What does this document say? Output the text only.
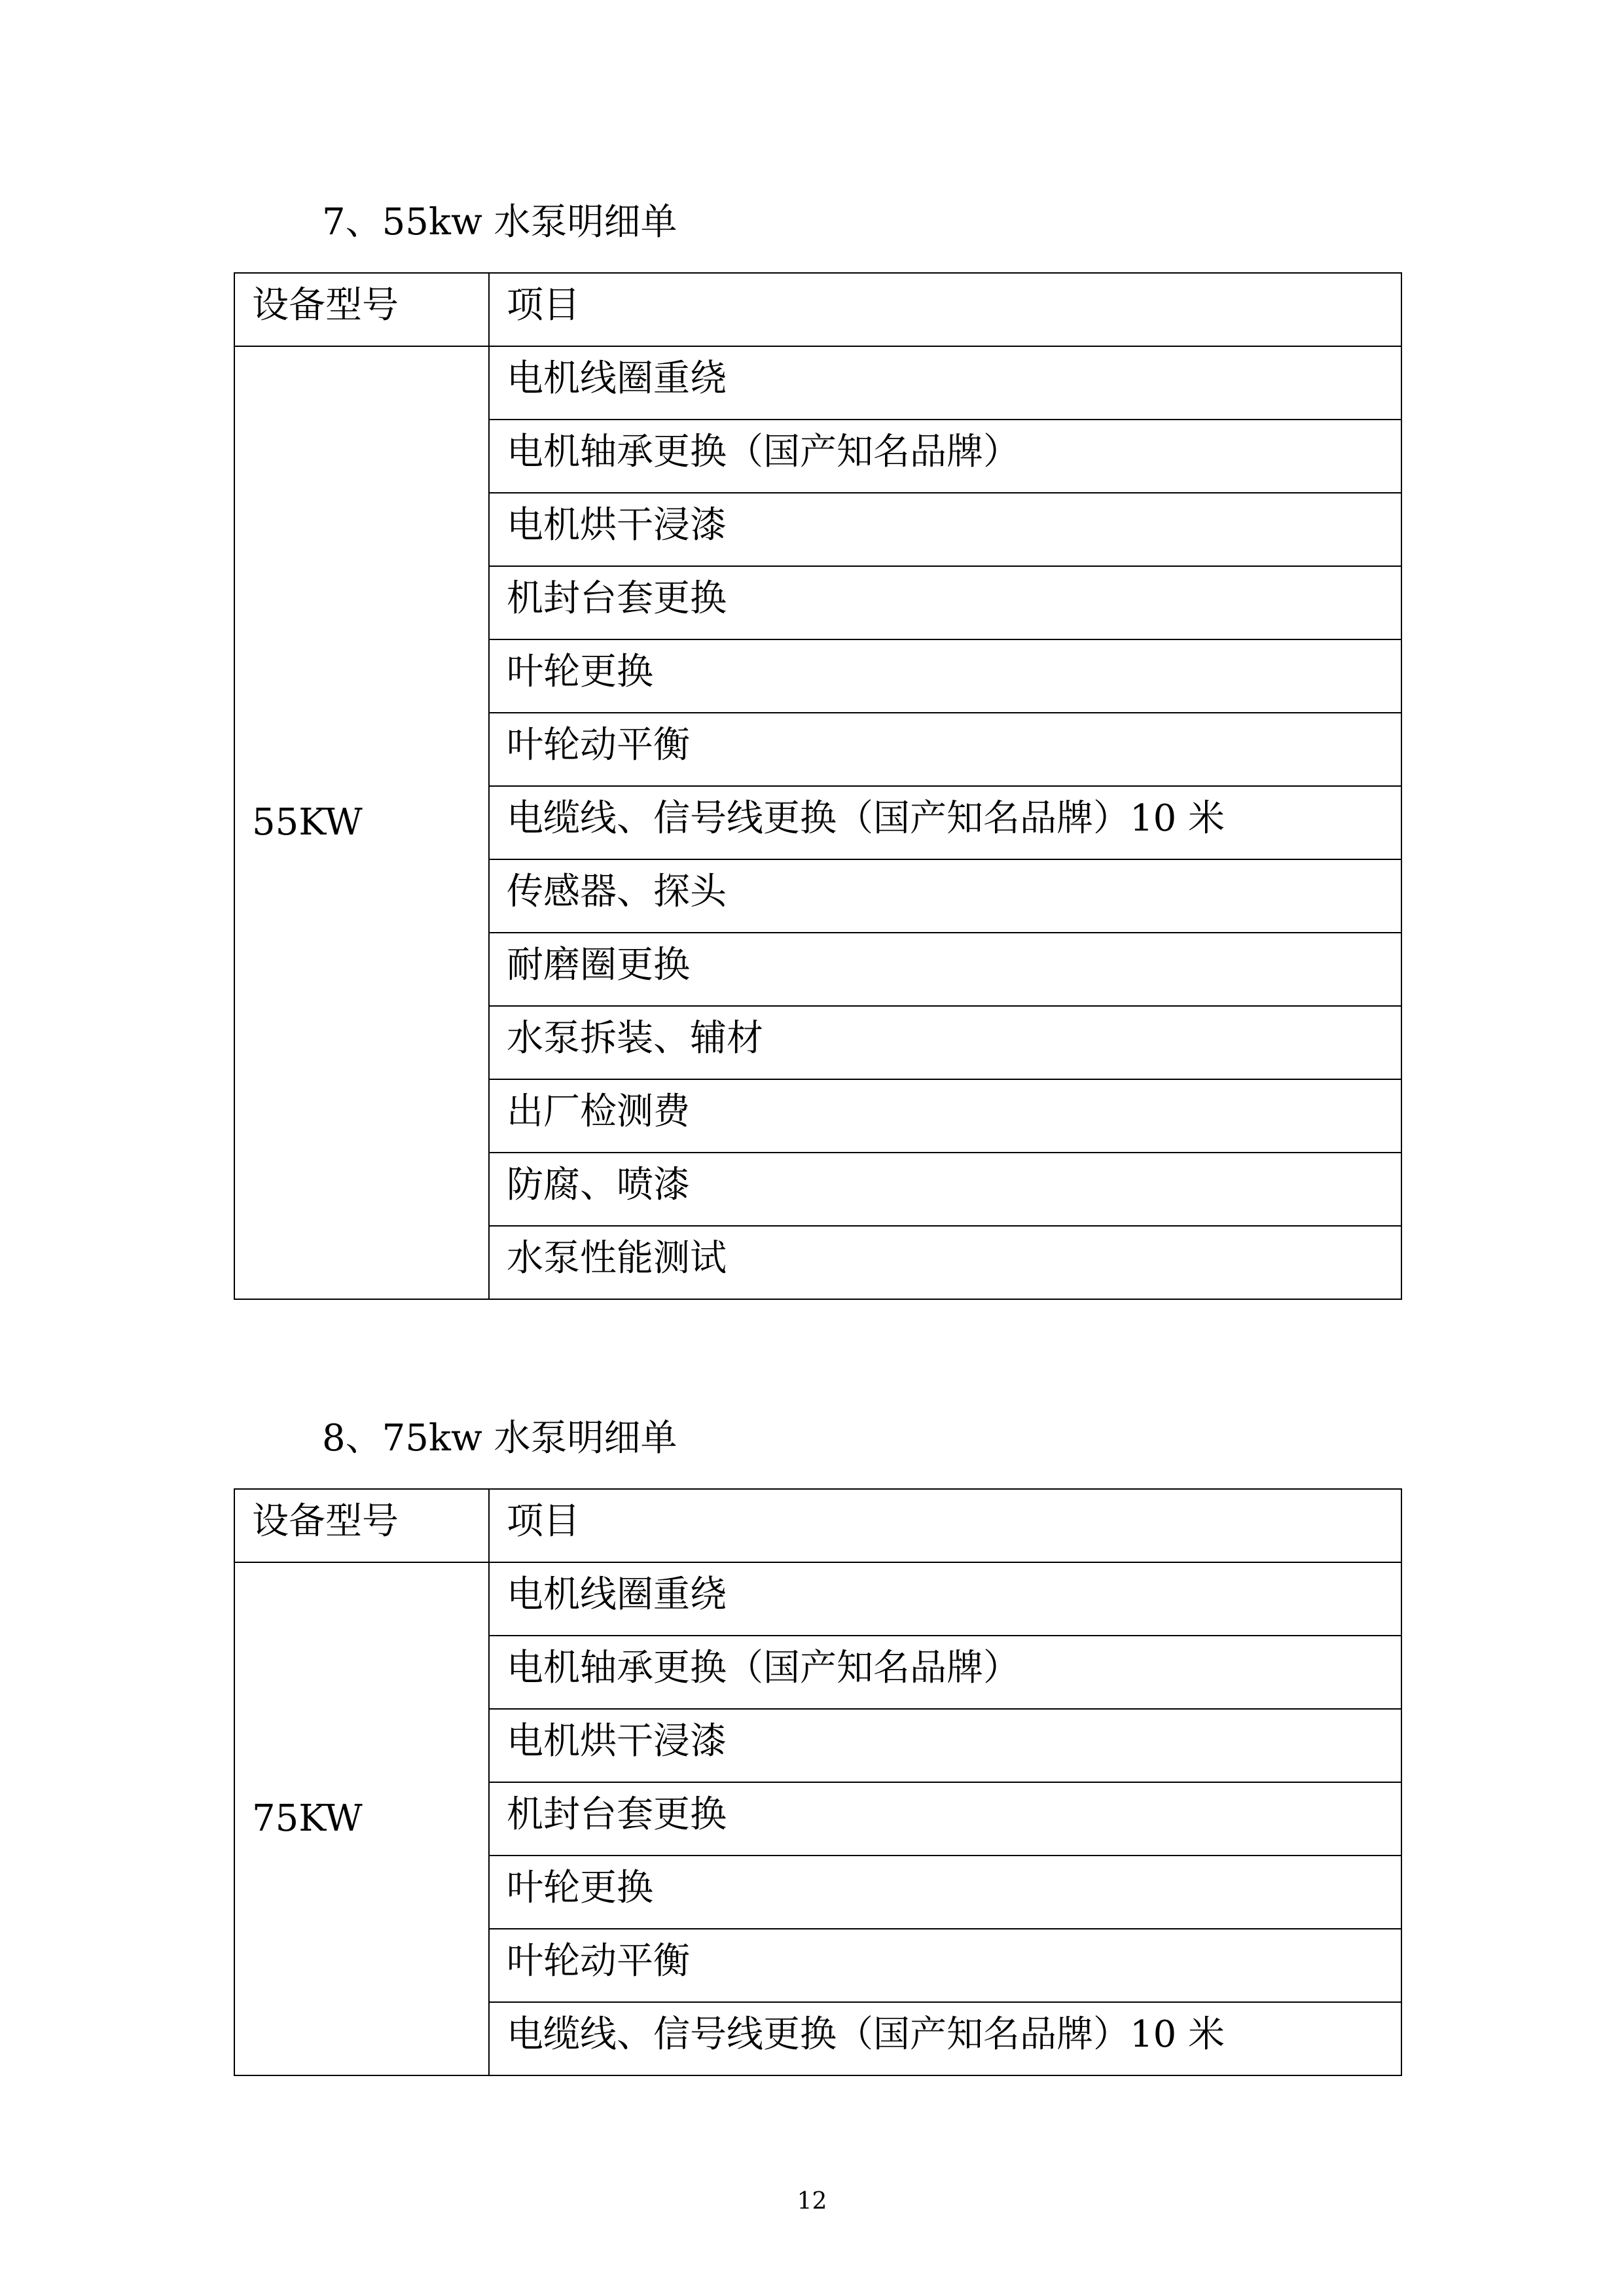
7、55kw 水泵明细单
设备型号	项目
55KW	电机线圈重绕
	电机轴承更换（国产知名品牌）
	电机烘干浸漆
	机封台套更换
	叶轮更换
	叶轮动平衡
	电缆线、信号线更换（国产知名品牌）10 米
	传感器、探头
	耐磨圈更换
	水泵拆装、辅材
	出厂检测费
	防腐、喷漆
	水泵性能测试
8、75kw 水泵明细单
设备型号	项目
75KW	电机线圈重绕
	电机轴承更换（国产知名品牌）
	电机烘干浸漆
	机封台套更换
	叶轮更换
	叶轮动平衡
	电缆线、信号线更换（国产知名品牌）10 米
12
